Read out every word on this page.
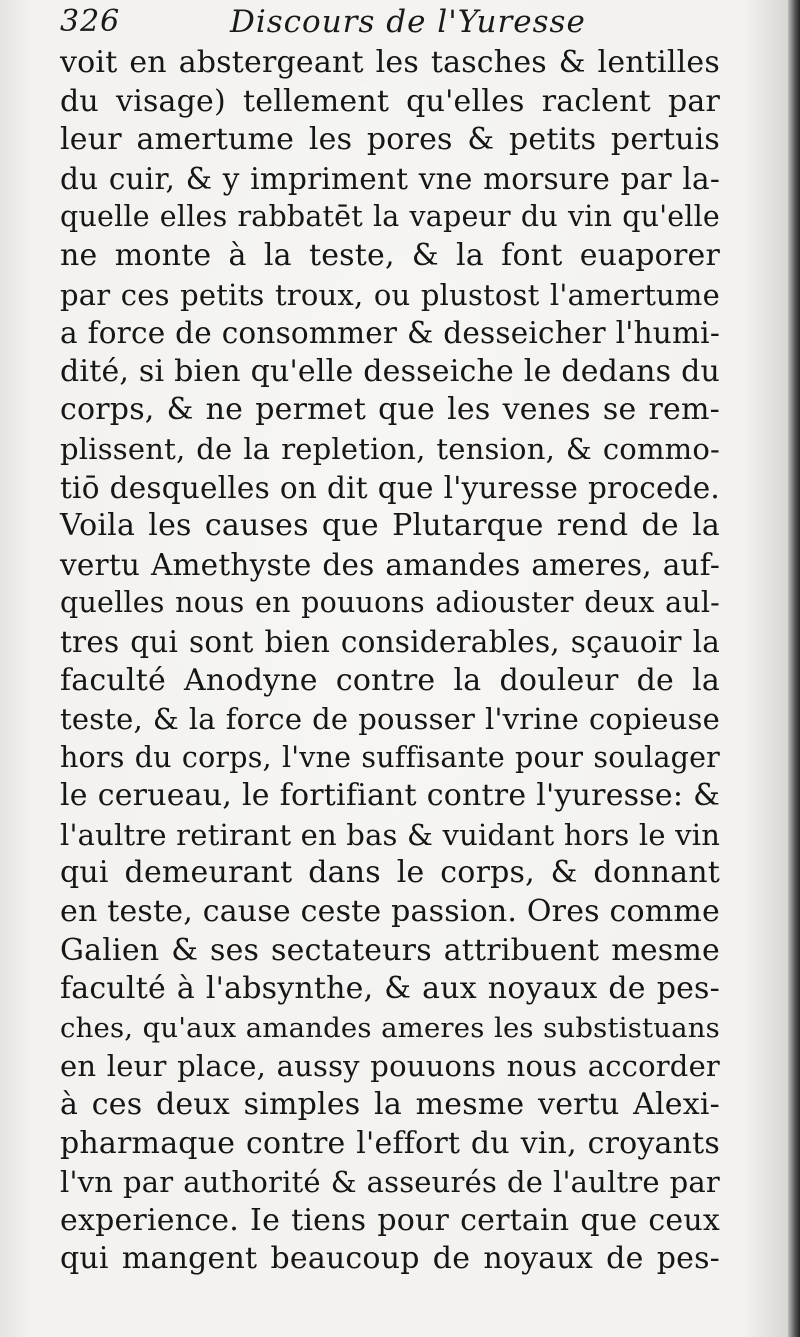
326	Discours de l'Yuresse
voit en abstergeant les tasches & lentilles
du visage) tellement qu'elles raclent par
leur amertume les pores & petits pertuis
du cuir, & y impriment vne morsure par la-
quelle elles rabbatēt la vapeur du vin qu'elle
ne monte à la teste, & la font euaporer
par ces petits troux, ou plustost l'amertume
a force de consommer & desseicher l'humi-
dité, si bien qu'elle desseiche le dedans du
corps, & ne permet que les venes se rem-
plissent, de la repletion, tension, & commo-
tiō desquelles on dit que l'yuresse procede.
Voila les causes que Plutarque rend de la
vertu Amethyste des amandes ameres, auf-
quelles nous en pouuons adiouster deux aul-
tres qui sont bien considerables, sçauoir la
faculté Anodyne contre la douleur de la
teste, & la force de pousser l'vrine copieuse
hors du corps, l'vne suffisante pour soulager
le cerueau, le fortifiant contre l'yuresse: &
l'aultre retirant en bas & vuidant hors le vin
qui demeurant dans le corps, & donnant
en teste, cause ceste passion. Ores comme
Galien & ses sectateurs attribuent mesme
faculté à l'absynthe, & aux noyaux de pes-
ches, qu'aux amandes ameres les substistuans
en leur place, aussy pouuons nous accorder
à ces deux simples la mesme vertu Alexi-
pharmaque contre l'effort du vin, croyants
l'vn par authorité & asseurés de l'aultre par
experience. Ie tiens pour certain que ceux
qui mangent beaucoup de noyaux de pes-
